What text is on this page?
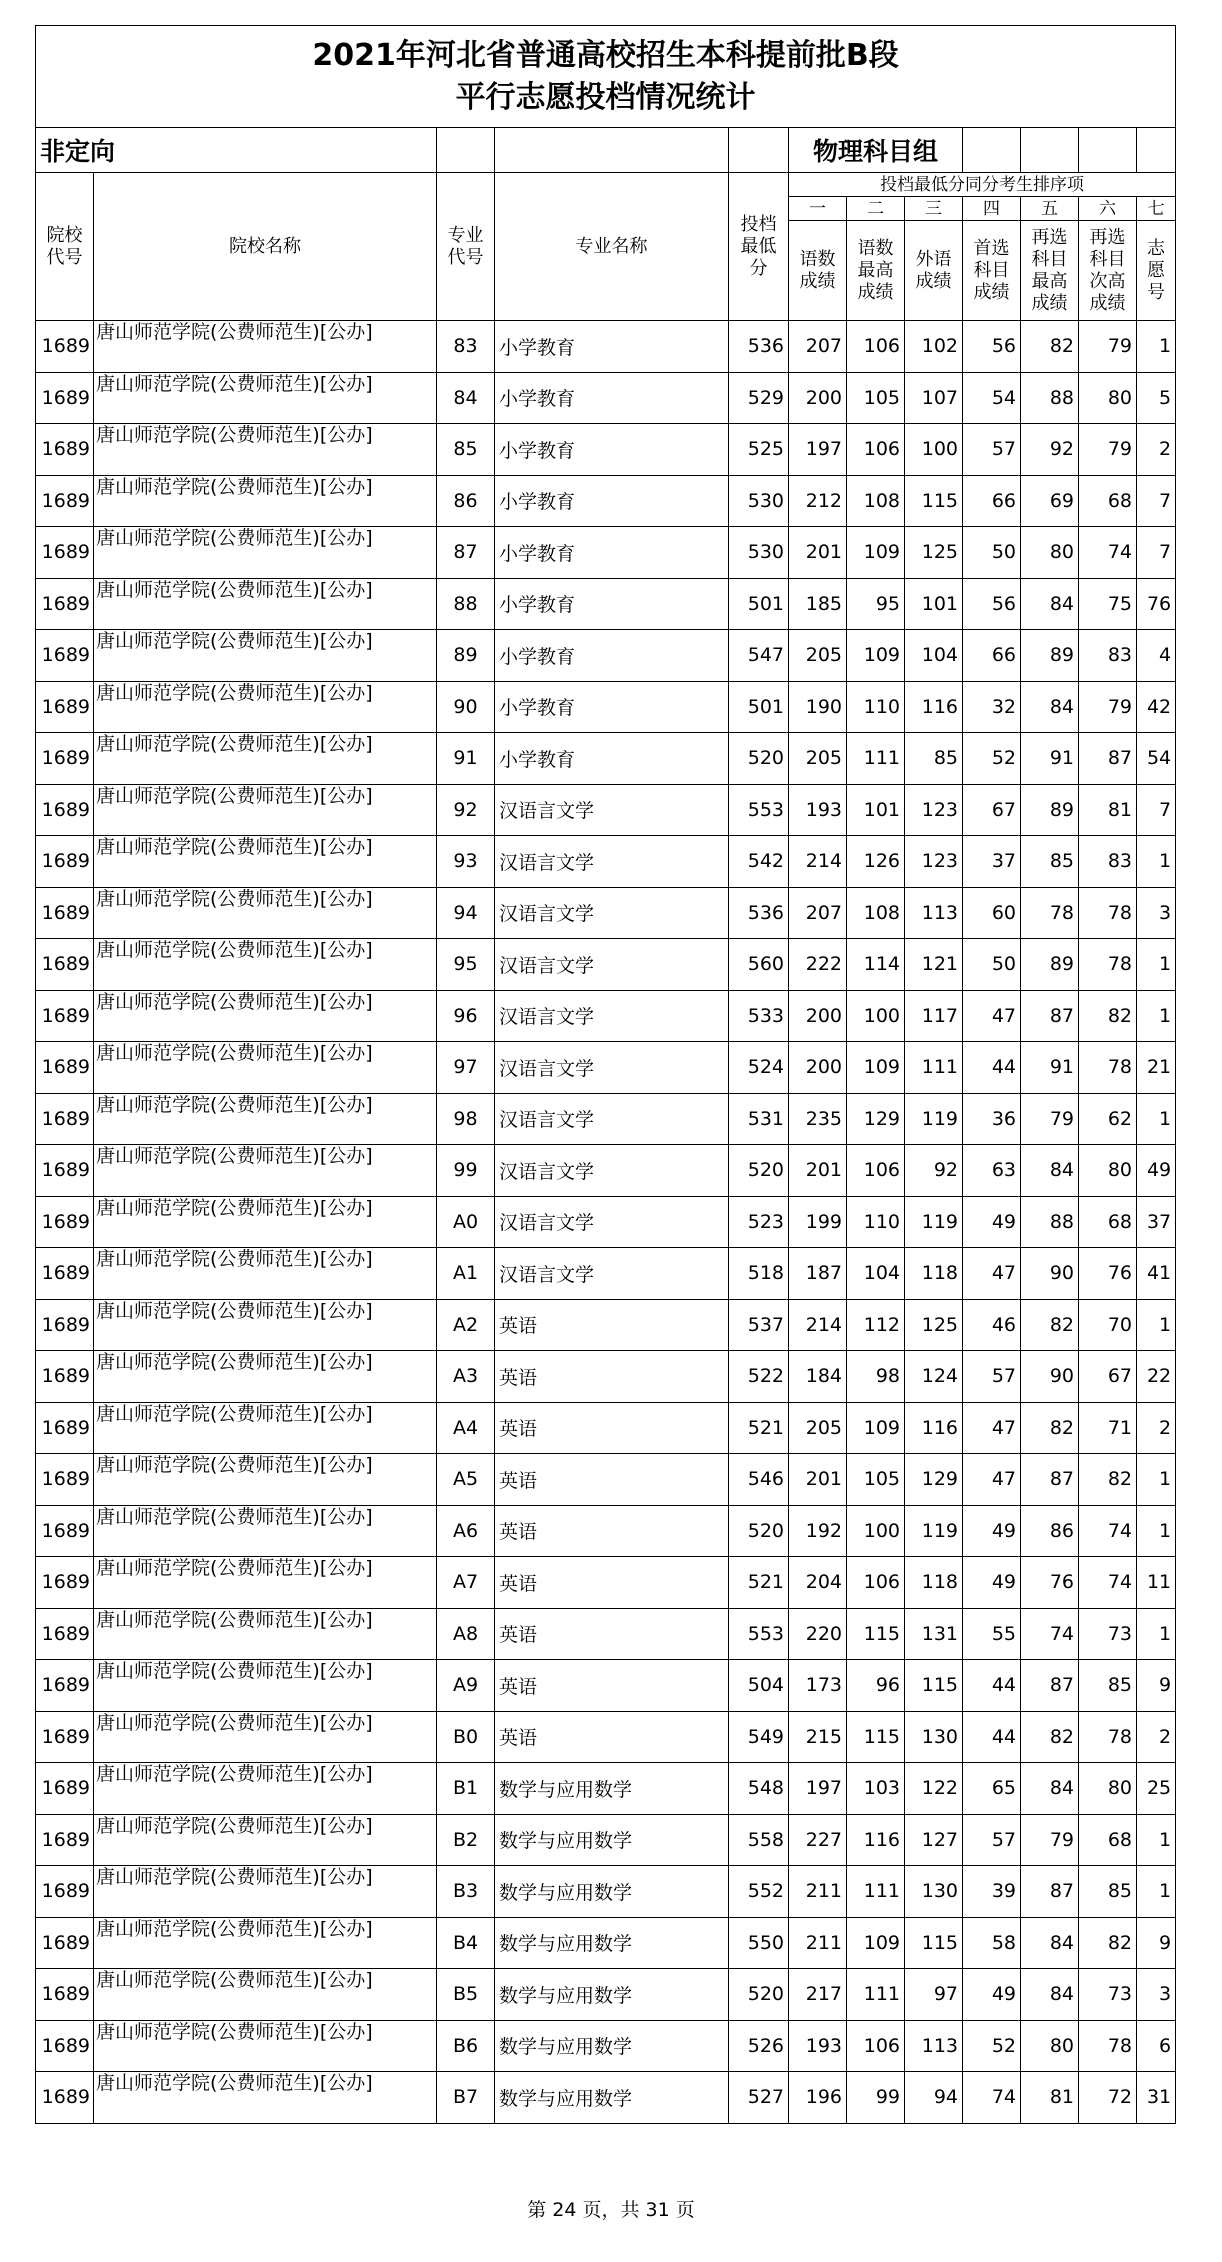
2021年河北省普通高校招生本科提前批B段
平行志愿投档情况统计											

非定向					物理科目组						
院校代号	院校名称	专业代号	专业名称	投档最低分	投档最低分同分考生排序项						
					一	二	三	四	五	六	七
					语数成绩	语数最高成绩	外语成绩	首选科目成绩	再选科目最高成绩	再选科目次高成绩	志愿号
1689	唐山师范学院(公费师范生)[公办]	83	小学教育	536	207	106	102	56	82	79	1
1689	唐山师范学院(公费师范生)[公办]	84	小学教育	529	200	105	107	54	88	80	5
1689	唐山师范学院(公费师范生)[公办]	85	小学教育	525	197	106	100	57	92	79	2
1689	唐山师范学院(公费师范生)[公办]	86	小学教育	530	212	108	115	66	69	68	7
1689	唐山师范学院(公费师范生)[公办]	87	小学教育	530	201	109	125	50	80	74	7
1689	唐山师范学院(公费师范生)[公办]	88	小学教育	501	185	95	101	56	84	75	76
1689	唐山师范学院(公费师范生)[公办]	89	小学教育	547	205	109	104	66	89	83	4
1689	唐山师范学院(公费师范生)[公办]	90	小学教育	501	190	110	116	32	84	79	42
1689	唐山师范学院(公费师范生)[公办]	91	小学教育	520	205	111	85	52	91	87	54
1689	唐山师范学院(公费师范生)[公办]	92	汉语言文学	553	193	101	123	67	89	81	7
1689	唐山师范学院(公费师范生)[公办]	93	汉语言文学	542	214	126	123	37	85	83	1
1689	唐山师范学院(公费师范生)[公办]	94	汉语言文学	536	207	108	113	60	78	78	3
1689	唐山师范学院(公费师范生)[公办]	95	汉语言文学	560	222	114	121	50	89	78	1
1689	唐山师范学院(公费师范生)[公办]	96	汉语言文学	533	200	100	117	47	87	82	1
1689	唐山师范学院(公费师范生)[公办]	97	汉语言文学	524	200	109	111	44	91	78	21
1689	唐山师范学院(公费师范生)[公办]	98	汉语言文学	531	235	129	119	36	79	62	1
1689	唐山师范学院(公费师范生)[公办]	99	汉语言文学	520	201	106	92	63	84	80	49
1689	唐山师范学院(公费师范生)[公办]	A0	汉语言文学	523	199	110	119	49	88	68	37
1689	唐山师范学院(公费师范生)[公办]	A1	汉语言文学	518	187	104	118	47	90	76	41
1689	唐山师范学院(公费师范生)[公办]	A2	英语	537	214	112	125	46	82	70	1
1689	唐山师范学院(公费师范生)[公办]	A3	英语	522	184	98	124	57	90	67	22
1689	唐山师范学院(公费师范生)[公办]	A4	英语	521	205	109	116	47	82	71	2
1689	唐山师范学院(公费师范生)[公办]	A5	英语	546	201	105	129	47	87	82	1
1689	唐山师范学院(公费师范生)[公办]	A6	英语	520	192	100	119	49	86	74	1
1689	唐山师范学院(公费师范生)[公办]	A7	英语	521	204	106	118	49	76	74	11
1689	唐山师范学院(公费师范生)[公办]	A8	英语	553	220	115	131	55	74	73	1
1689	唐山师范学院(公费师范生)[公办]	A9	英语	504	173	96	115	44	87	85	9
1689	唐山师范学院(公费师范生)[公办]	B0	英语	549	215	115	130	44	82	78	2
1689	唐山师范学院(公费师范生)[公办]	B1	数学与应用数学	548	197	103	122	65	84	80	25
1689	唐山师范学院(公费师范生)[公办]	B2	数学与应用数学	558	227	116	127	57	79	68	1
1689	唐山师范学院(公费师范生)[公办]	B3	数学与应用数学	552	211	111	130	39	87	85	1
1689	唐山师范学院(公费师范生)[公办]	B4	数学与应用数学	550	211	109	115	58	84	82	9
1689	唐山师范学院(公费师范生)[公办]	B5	数学与应用数学	520	217	111	97	49	84	73	3
1689	唐山师范学院(公费师范生)[公办]	B6	数学与应用数学	526	193	106	113	52	80	78	6
1689	唐山师范学院(公费师范生)[公办]	B7	数学与应用数学	527	196	99	94	74	81	72	31
第 24 页，共 31 页
